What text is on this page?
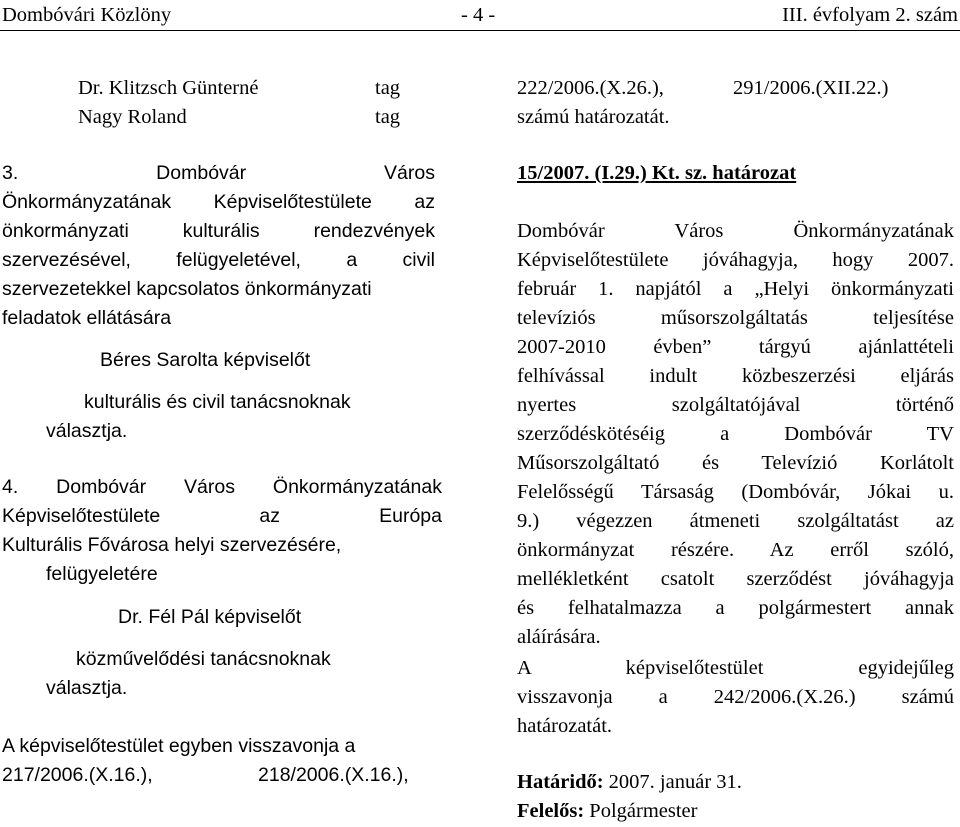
Dombóvári Közlöny	- 4 -	III. évfolyam 2. szám
Dr. Klitzsch Günterné	tag
Nagy Roland	tag
3. Dombóvár Város
Önkormányzatának Képviselőtestülete az
önkormányzati kulturális rendezvények
szervezésével, felügyeletével, a civil
szervezetekkel kapcsolatos önkormányzati
feladatok ellátására
Béres Sarolta képviselőt
kulturális és civil tanácsnoknak
választja.
4. Dombóvár Város Önkormányzatának
Képviselőtestülete az Európa
Kulturális Fővárosa helyi szervezésére,
felügyeletére
Dr. Fél Pál képviselőt
közművelődési tanácsnoknak
választja.
A képviselőtestület egyben visszavonja a
217/2006.(X.16.),	218/2006.(X.16.),
222/2006.(X.26.),	291/2006.(XII.22.)
számú határozatát.
15/2007. (I.29.) Kt. sz. határozat
Dombóvár Város Önkormányzatának
Képviselőtestülete jóváhagyja, hogy 2007.
február 1. napjától a „Helyi önkormányzati
televíziós műsorszolgáltatás teljesítése
2007-2010 évben” tárgyú ajánlattételi
felhívással indult közbeszerzési eljárás
nyertes szolgáltatójával történő
szerződéskötéséig a Dombóvár TV
Műsorszolgáltató és Televízió Korlátolt
Felelősségű Társaság (Dombóvár, Jókai u.
9.) végezzen átmeneti szolgáltatást az
önkormányzat részére. Az erről szóló,
mellékletként csatolt szerződést jóváhagyja
és felhatalmazza a polgármestert annak
aláírására.
A képviselőtestület egyidejűleg
visszavonja a 242/2006.(X.26.) számú
határozatát.
Határidő: 2007. január 31.
Felelős: Polgármester
